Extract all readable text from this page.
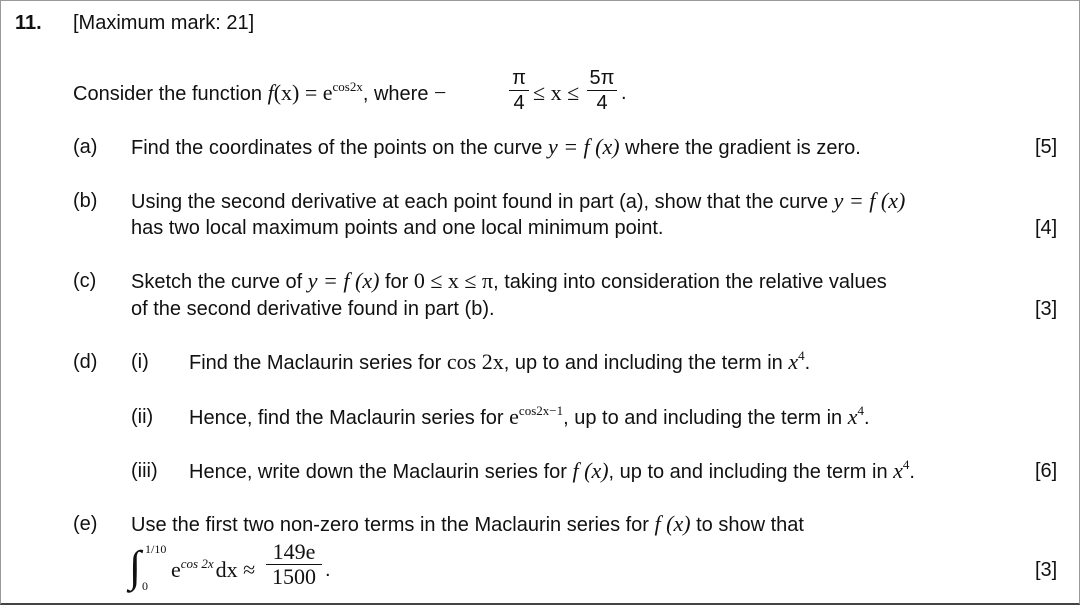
11. [Maximum mark: 21]
Consider the function $f(x) = e^{cos2x}$, where −
π
4 ≤ x ≤
5π
4 .
(a) Find the coordinates of the points on the curve y = f (x) where the gradient is zero.	[5]
(b) Using the second derivative at each point found in part (a), show that the curve y = f (x)
has two local maximum points and one local minimum point.	[4]
(c) Sketch the curve of y = f (x) for 0 ≤ x ≤ π, taking into consideration the relative values
of the second derivative found in part (b).	[3]
(d) (i) Find the Maclaurin series for cos 2x, up to and including the term in $x^4$.
(ii) Hence, find the Maclaurin series for $e^{cos2x-1}$, up to and including the term in $x^4$.
(iii) Hence, write down the Maclaurin series for f (x), up to and including the term in $x^4$.	[6]
(e) Use the first two non-zero terms in the Maclaurin series for f (x) to show that
∫ 1/10
0
$e^{cos 2x}dx$ ≈
149e
1500 .	[3]
